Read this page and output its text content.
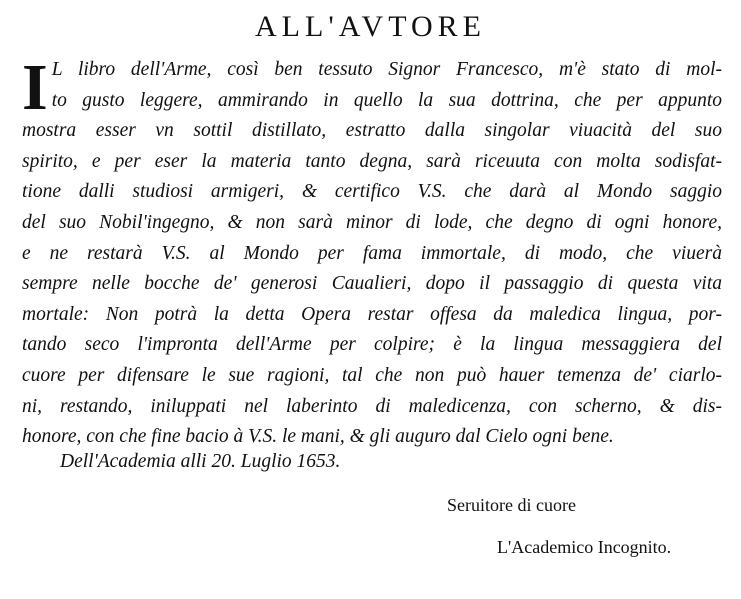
ALL'AVTORE
I L libro dell'Arme, così ben tessuto Signor Francesco, m'è stato di mol-
to gusto leggere, ammirando in quello la sua dottrina, che per appunto
mostra esser vn sottil distillato, estratto dalla singolar viuacità del suo
spirito, e per eser la materia tanto degna, sarà riceuuta con molta sodisfat-
tione dalli studiosi armigeri, & certifico V.S. che darà al Mondo saggio
del suo Nobil'ingegno, & non sarà minor di lode, che degno di ogni honore,
e ne restarà V.S. al Mondo per fama immortale, di modo, che viuerà
sempre nelle bocche de' generosi Caualieri, dopo il passaggio di questa vita
mortale: Non potrà la detta Opera restar offesa da maledica lingua, por-
tando seco l'impronta dell'Arme per colpire; è la lingua messaggiera del
cuore per difensare le sue ragioni, tal che non può hauer temenza de' ciarlo-
ni, restando, iniluppati nel laberinto di maledicenza, con scherno, & dis-
honore, con che fine bacio à V.S. le mani, & gli auguro dal Cielo ogni bene.
Dell'Academia alli 20. Luglio 1653.
Seruitore di cuore
L'Academico Incognito.
